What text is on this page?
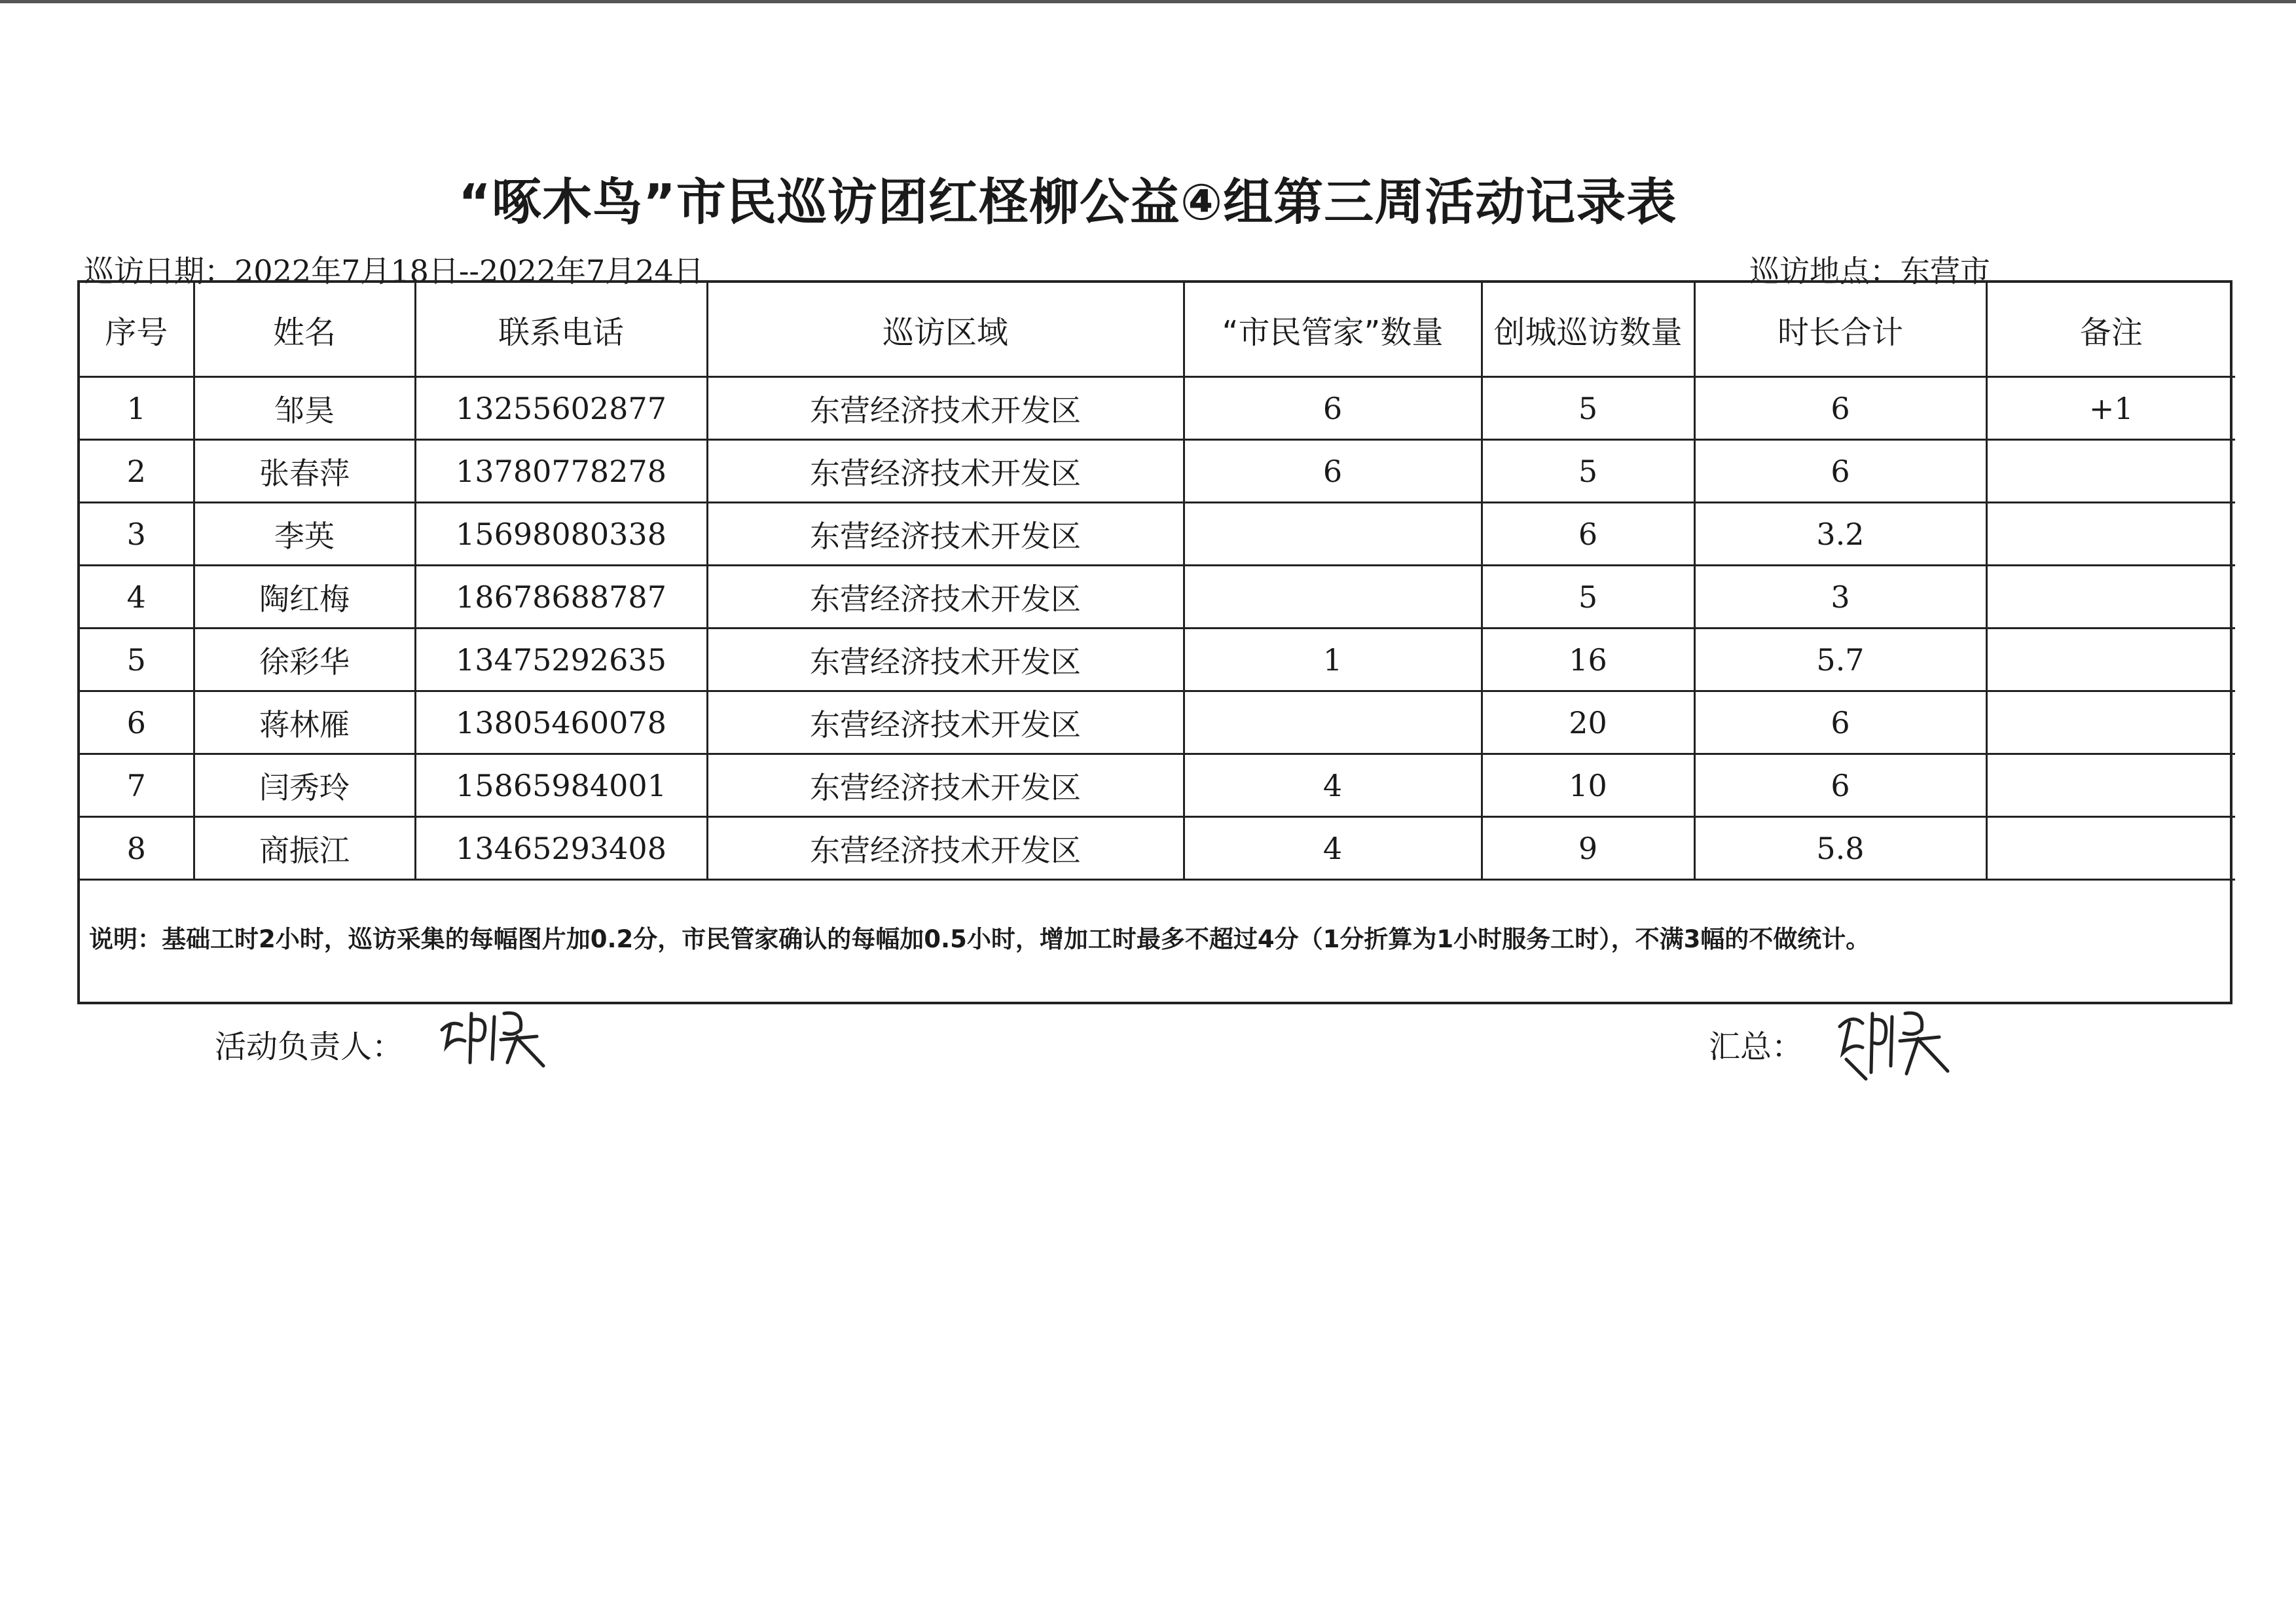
“啄木鸟”市民巡访团红柽柳公益④组第三周活动记录表
巡访日期：2022年7月18日--2022年7月24日	巡访地点：东营市
序号	姓名	联系电话	巡访区域	“市民管家”数量	创城巡访数量	时长合计	备注
1	邹昊	13255602877	东营经济技术开发区	6	5	6	+1
2	张春萍	13780778278	东营经济技术开发区	6	5	6	
3	李英	15698080338	东营经济技术开发区		6	3.2	
4	陶红梅	18678688787	东营经济技术开发区		5	3	
5	徐彩华	13475292635	东营经济技术开发区	1	16	5.7	
6	蒋林雁	13805460078	东营经济技术开发区		20	6	
7	闫秀玲	15865984001	东营经济技术开发区	4	10	6	
8	商振江	13465293408	东营经济技术开发区	4	9	5.8	
说明：基础工时2小时，巡访采集的每幅图片加0.2分，市民管家确认的每幅加0.5小时，增加工时最多不超过4分（1分折算为1小时服务工时），不满3幅的不做统计。
活动负责人：	汇总：
